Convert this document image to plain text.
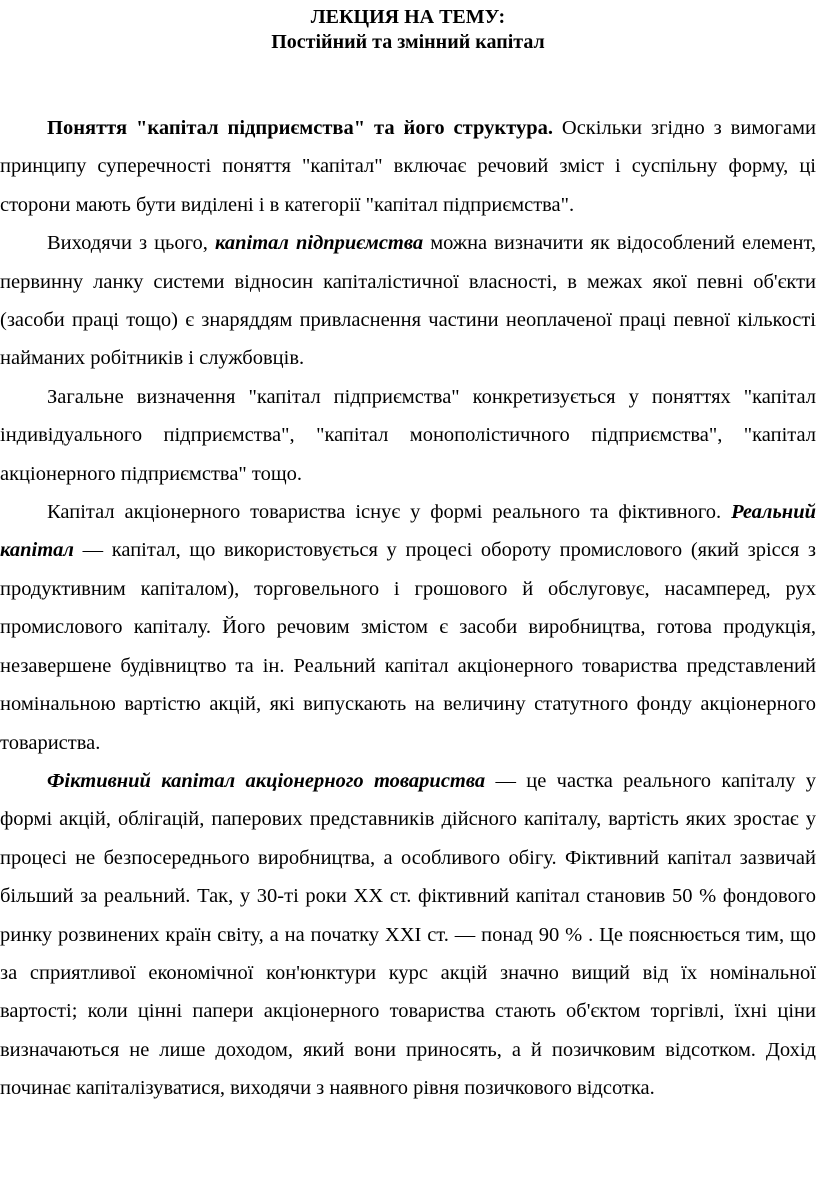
ЛЕКЦИЯ НА ТЕМУ:
Постійний та змінний капітал

Поняття "капітал підприємства" та його структура. Оскільки згідно з вимогами принципу суперечності поняття "капітал" включає речовий зміст і суспільну форму, ці сторони мають бути виділені і в категорії "капітал підприємства".

Виходячи з цього, капітал підприємства можна визначити як відособлений елемент, первинну ланку системи відносин капіталістичної власності, в межах якої певні об'єкти (засоби праці тощо) є знаряддям привласнення частини неоплаченої праці певної кількості найманих робітників і службовців.

Загальне визначення "капітал підприємства" конкретизується у поняттях "капітал індивідуального підприємства", "капітал монополістичного підприємства", "капітал акціонерного підприємства" тощо.

Капітал акціонерного товариства існує у формі реального та фіктивного. Реальний капітал — капітал, що використовується у процесі обороту промислового (який зрісся з продуктивним капіталом), торговельного і грошового й обслуговує, насамперед, рух промислового капіталу. Його речовим змістом є засоби виробництва, готова продукція, незавершене будівництво та ін. Реальний капітал акціонерного товариства представлений номінальною вартістю акцій, які випускають на величину статутного фонду акціонерного товариства.

Фіктивний капітал акціонерного товариства — це частка реального капіталу у формі акцій, облігацій, паперових представників дійсного капіталу, вартість яких зростає у процесі не безпосереднього виробництва, а особливого обігу. Фіктивний капітал зазвичай більший за реальний. Так, у 30-ті роки XX ст. фіктивний капітал становив 50 % фондового ринку розвинених країн світу, а на початку XXI ст. — понад 90 % . Це пояснюється тим, що за сприятливої економічної кон'юнктури курс акцій значно вищий від їх номінальної вартості; коли цінні папери акціонерного товариства стають об'єктом торгівлі, їхні ціни визначаються не лише доходом, який вони приносять, а й позичковим відсотком. Дохід починає капіталізуватися, виходячи з наявного рівня позичкового відсотка.
